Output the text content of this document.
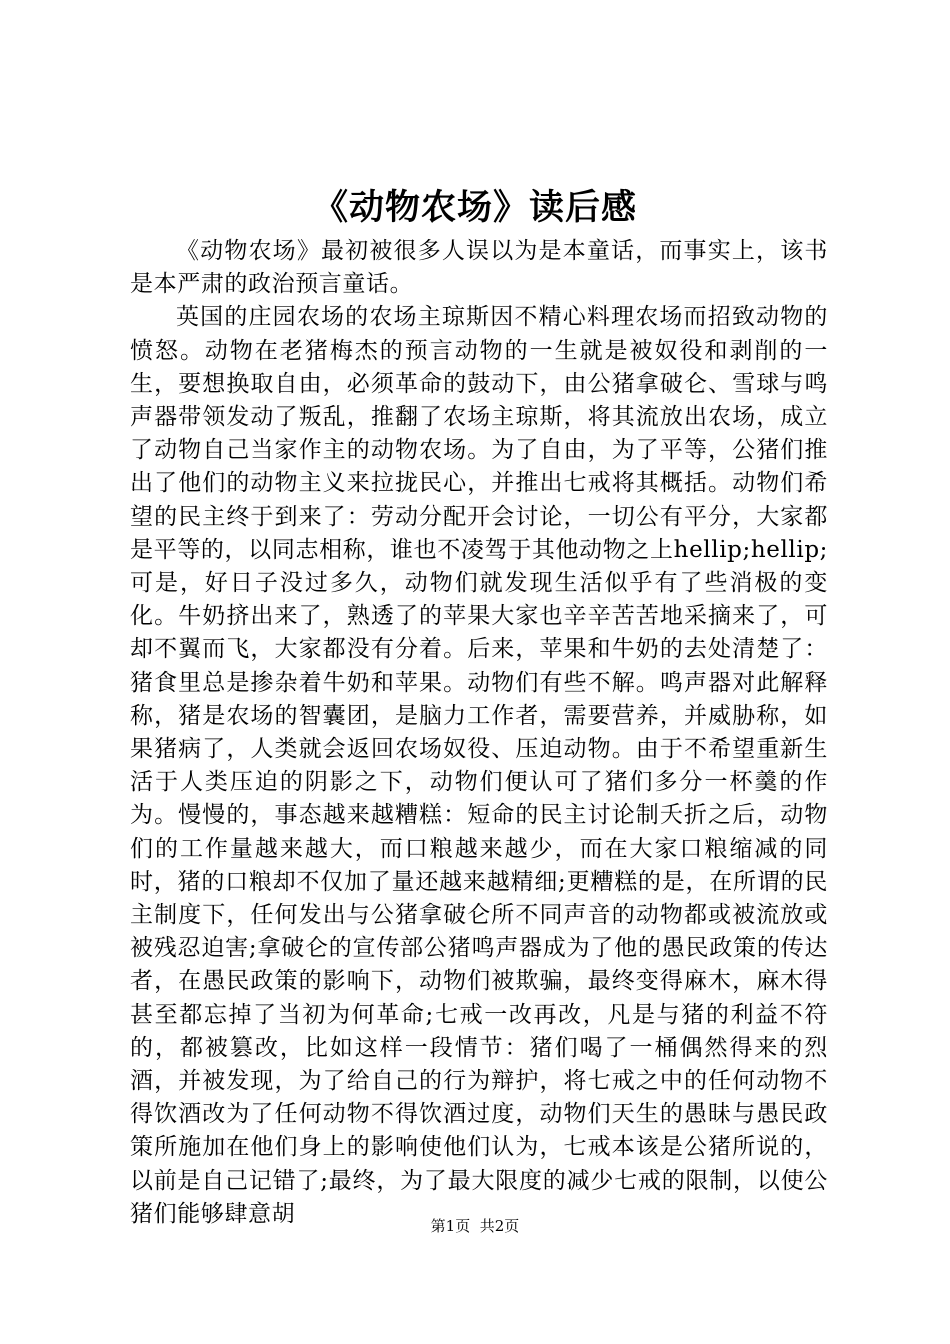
《动物农场》读后感

《动物农场》最初被很多人误以为是本童话，而事实上，该书是本严肃的政治预言童话。

英国的庄园农场的农场主琼斯因不精心料理农场而招致动物的愤怒。动物在老猪梅杰的预言动物的一生就是被奴役和剥削的一生，要想换取自由，必须革命的鼓动下，由公猪拿破仑、雪球与鸣声器带领发动了叛乱，推翻了农场主琼斯，将其流放出农场，成立了动物自己当家作主的动物农场。为了自由，为了平等，公猪们推出了他们的动物主义来拉拢民心，并推出七戒将其概括。动物们希望的民主终于到来了：劳动分配开会讨论，一切公有平分，大家都是平等的，以同志相称，谁也不凌驾于其他动物之上hellip;hellip;可是，好日子没过多久，动物们就发现生活似乎有了些消极的变化。牛奶挤出来了，熟透了的苹果大家也辛辛苦苦地采摘来了，可却不翼而飞，大家都没有分着。后来，苹果和牛奶的去处清楚了：猪食里总是掺杂着牛奶和苹果。动物们有些不解。鸣声器对此解释称，猪是农场的智囊团，是脑力工作者，需要营养，并威胁称，如果猪病了，人类就会返回农场奴役、压迫动物。由于不希望重新生活于人类压迫的阴影之下，动物们便认可了猪们多分一杯羹的作为。慢慢的，事态越来越糟糕：短命的民主讨论制夭折之后，动物们的工作量越来越大，而口粮越来越少，而在大家口粮缩减的同时，猪的口粮却不仅加了量还越来越精细;更糟糕的是，在所谓的民主制度下，任何发出与公猪拿破仑所不同声音的动物都或被流放或被残忍迫害;拿破仑的宣传部公猪鸣声器成为了他的愚民政策的传达者，在愚民政策的影响下，动物们被欺骗，最终变得麻木，麻木得甚至都忘掉了当初为何革命;七戒一改再改，凡是与猪的利益不符的，都被篡改，比如这样一段情节：猪们喝了一桶偶然得来的烈酒，并被发现，为了给自己的行为辩护，将七戒之中的任何动物不得饮酒改为了任何动物不得饮酒过度，动物们天生的愚昧与愚民政策所施加在他们身上的影响使他们认为，七戒本该是公猪所说的，以前是自己记错了;最终，为了最大限度的减少七戒的限制，以使公猪们能够肆意胡	第1页 共2页
